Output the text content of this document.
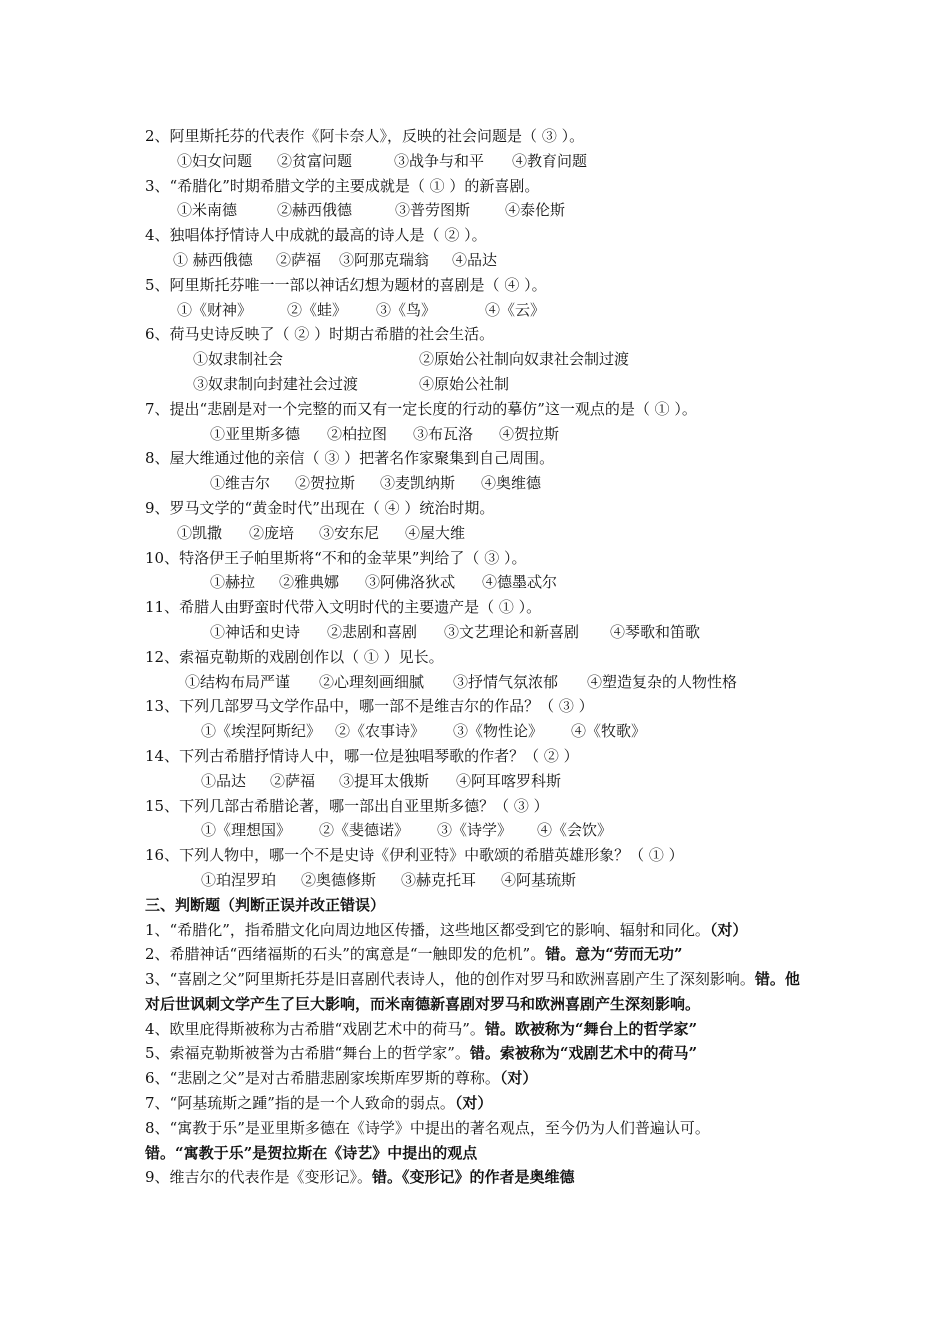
2、阿里斯托芬的代表作《阿卡奈人》，反映的社会问题是（ ③ ）。
①妇女问题 ②贫富问题	③战争与和平 ④教育问题
3、“希腊化”时期希腊文学的主要成就是（ ① ）的新喜剧。
①米南德	②赫西俄德	③普劳图斯 ④泰伦斯
4、独唱体抒情诗人中成就的最高的诗人是（ ② ）。
① 赫西俄德 ②萨福 ③阿那克瑞翁 ④品达
5、阿里斯托芬唯一一部以神话幻想为题材的喜剧是（ ④ ）。
①《财神》 ②《蛙》 ③《鸟》	④《云》
6、荷马史诗反映了（ ② ）时期古希腊的社会生活。
①奴隶制社会	②原始公社制向奴隶社会制过渡
③奴隶制向封建社会过渡	④原始公社制
7、提出“悲剧是对一个完整的而又有一定长度的行动的摹仿”这一观点的是（ ① ）。
①亚里斯多德 ②柏拉图 ③布瓦洛 ④贺拉斯
8、屋大维通过他的亲信（ ③ ）把著名作家聚集到自己周围。
①维吉尔 ②贺拉斯 ③麦凯纳斯 ④奥维德
9、罗马文学的“黄金时代”出现在（ ④ ）统治时期。
①凯撒 ②庞培 ③安东尼 ④屋大维
10、特洛伊王子帕里斯将“不和的金苹果”判给了（ ③ ）。
①赫拉 ②雅典娜 ③阿佛洛狄忒 ④德墨忒尔
11、希腊人由野蛮时代带入文明时代的主要遗产是（ ① ）。
①神话和史诗 ②悲剧和喜剧 ③文艺理论和新喜剧 ④琴歌和笛歌
12、索福克勒斯的戏剧创作以（ ① ）见长。
①结构布局严谨 ②心理刻画细腻 ③抒情气氛浓郁 ④塑造复杂的人物性格
13、下列几部罗马文学作品中，哪一部不是维吉尔的作品？（ ③ ）
①《埃涅阿斯纪》 ②《农事诗》 ③《物性论》 ④《牧歌》
14、下列古希腊抒情诗人中，哪一位是独唱琴歌的作者？（ ② ）
①品达 ②萨福 ③提耳太俄斯 ④阿耳喀罗科斯
15、下列几部古希腊论著，哪一部出自亚里斯多德？（ ③ ）
①《理想国》 ②《斐德诺》 ③《诗学》 ④《会饮》
16、下列人物中，哪一个不是史诗《伊利亚特》中歌颂的希腊英雄形象？（ ① ）
①珀涅罗珀 ②奥德修斯 ③赫克托耳 ④阿基琉斯
三、判断题（判断正误并改正错误）
1、“希腊化”，指希腊文化向周边地区传播，这些地区都受到它的影响、辐射和同化。（对）
2、希腊神话“西绪福斯的石头”的寓意是“一触即发的危机”。错。意为“劳而无功”
3、“喜剧之父”阿里斯托芬是旧喜剧代表诗人，他的创作对罗马和欧洲喜剧产生了深刻影响。错。他对后世讽刺文学产生了巨大影响，而米南德新喜剧对罗马和欧洲喜剧产生深刻影响。
4、欧里庇得斯被称为古希腊“戏剧艺术中的荷马”。错。欧被称为“舞台上的哲学家”
5、索福克勒斯被誉为古希腊“舞台上的哲学家”。错。索被称为“戏剧艺术中的荷马”
6、“悲剧之父”是对古希腊悲剧家埃斯库罗斯的尊称。（对）
7、“阿基琉斯之踵”指的是一个人致命的弱点。（对）
8、“寓教于乐”是亚里斯多德在《诗学》中提出的著名观点，至今仍为人们普遍认可。
错。“寓教于乐”是贺拉斯在《诗艺》中提出的观点
9、维吉尔的代表作是《变形记》。错。《变形记》的作者是奥维德
